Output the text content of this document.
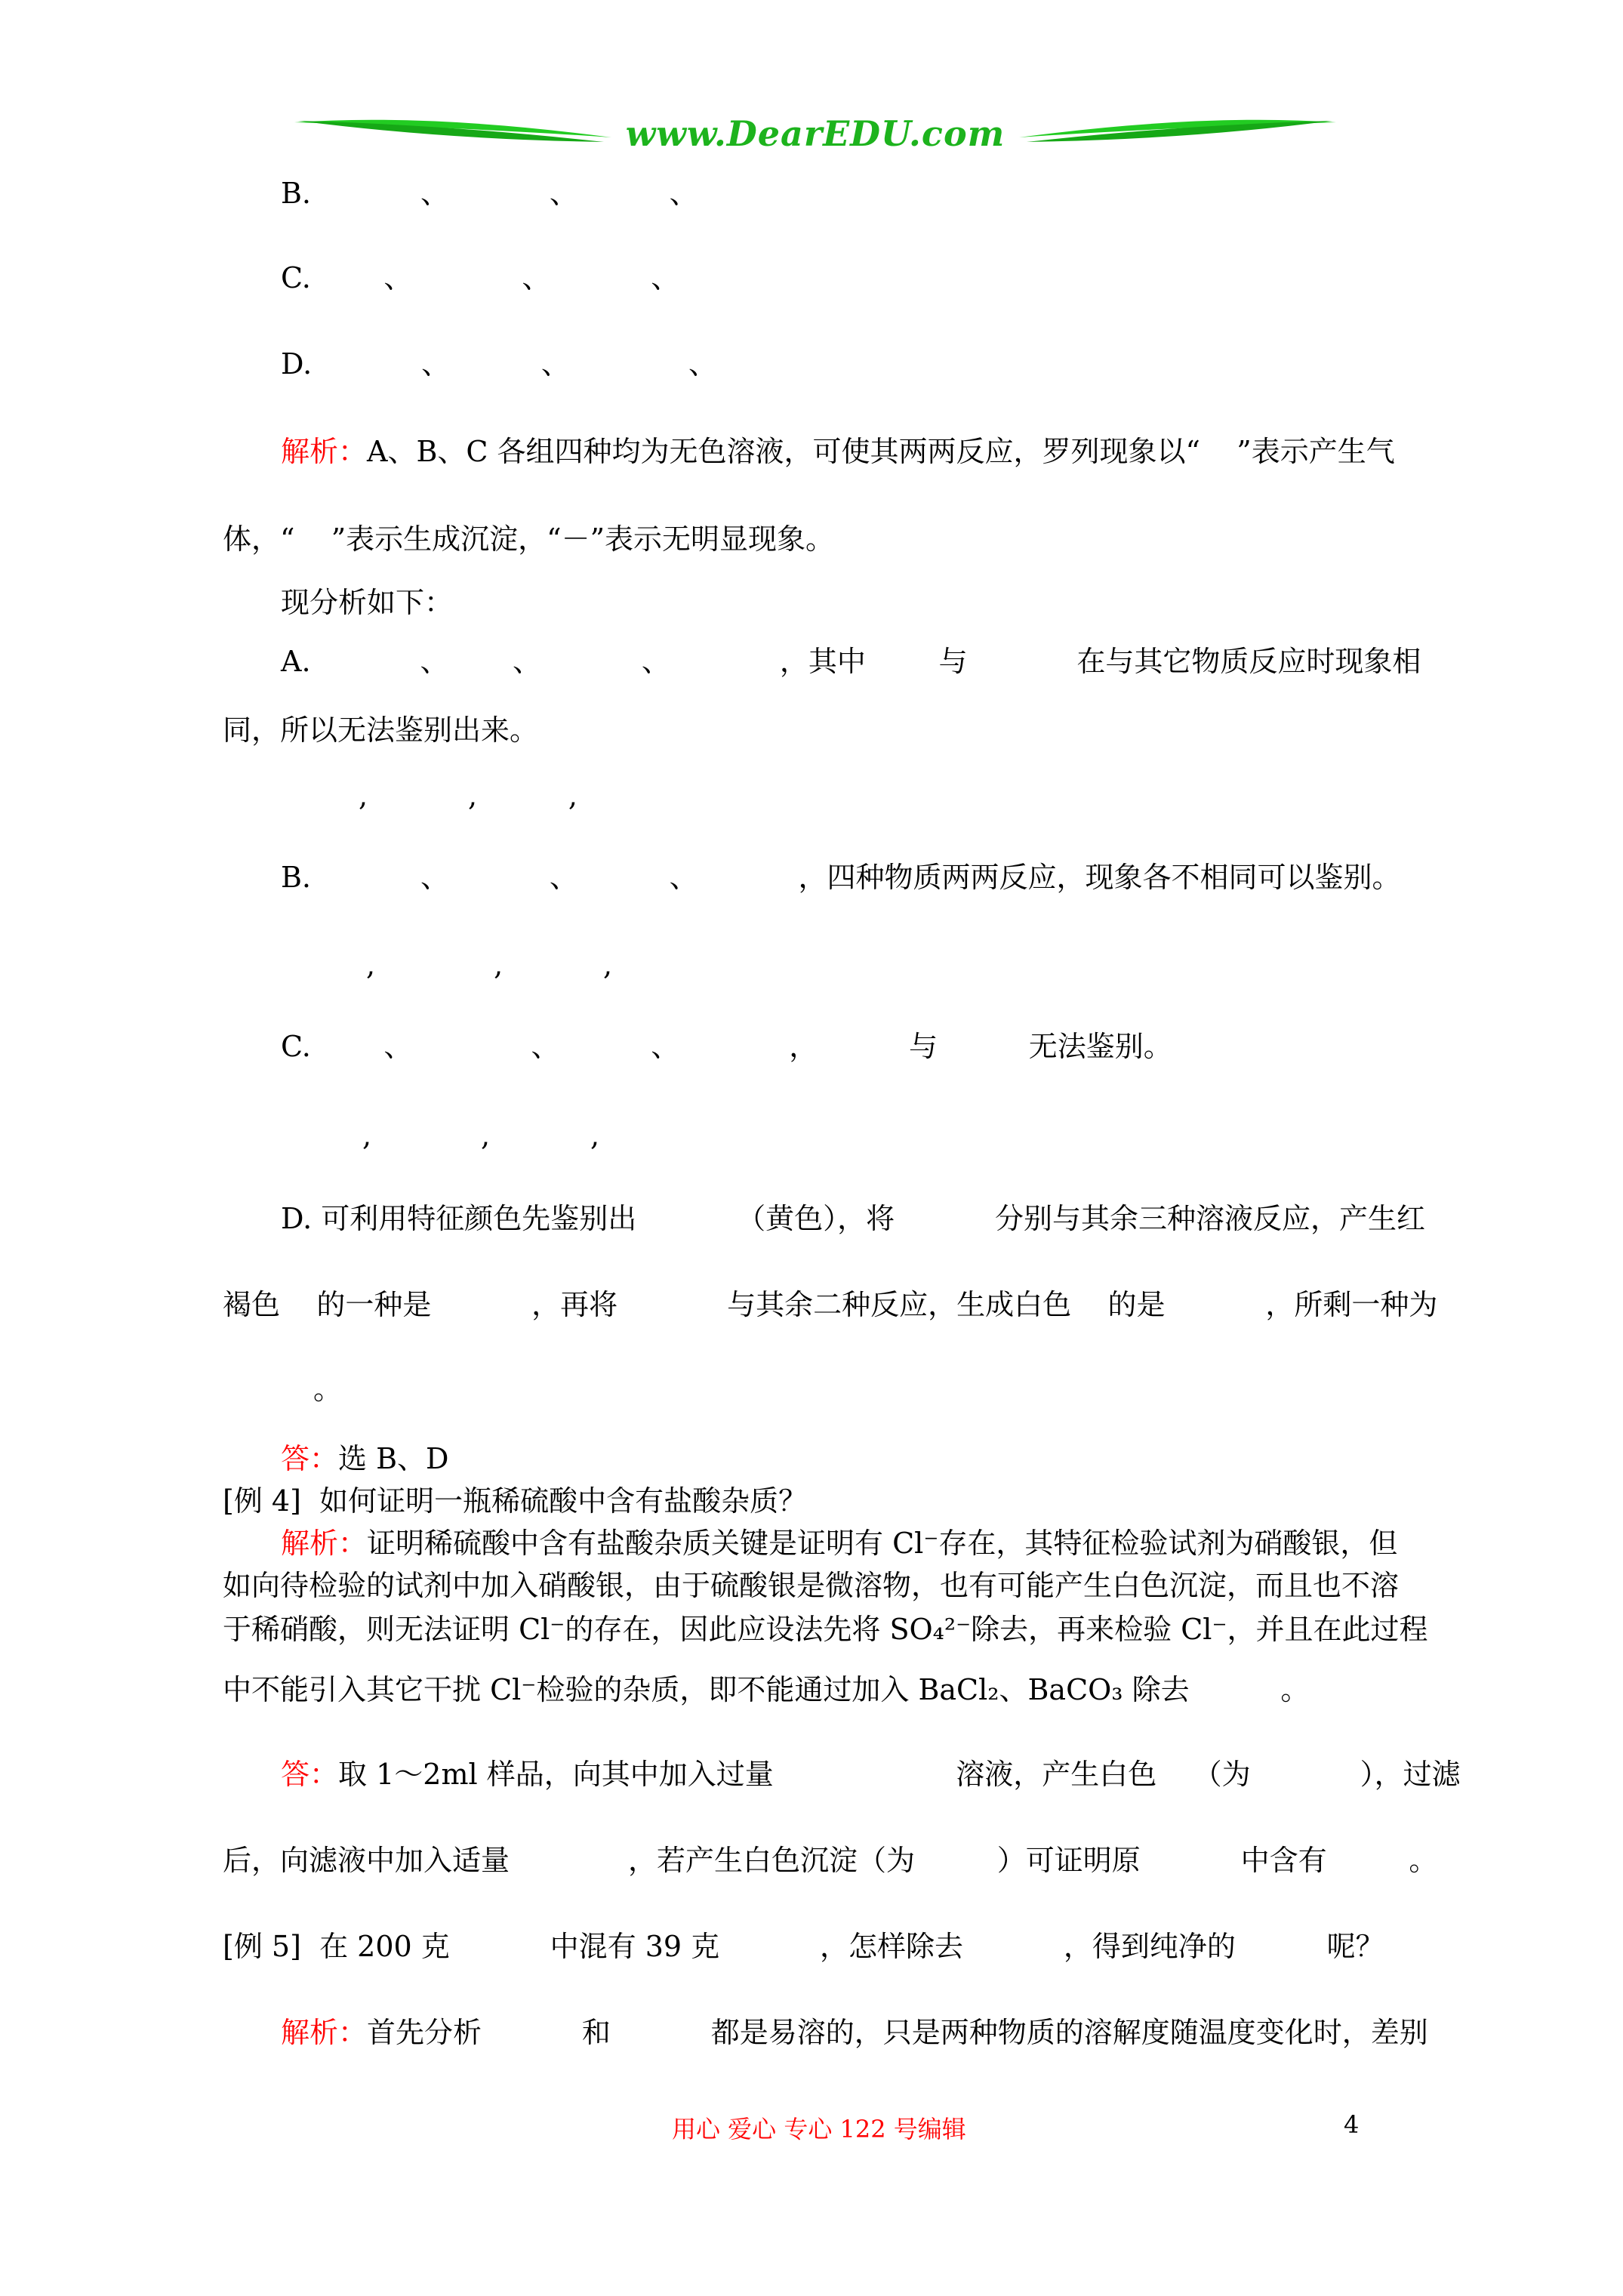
www.DearEDU.com
B.            、           、          、
C.        、            、           、
D.            、          、             、
解析：A、B、C 各组四种均为无色溶液，可使其两两反应，罗列现象以“    ”表示产生气
体，“    ”表示生成沉淀，“－”表示无明显现象。
现分析如下：
A.            、       、           、            ，其中        与            在与其它物质反应时现象相
同，所以无法鉴别出来。
,           ,          ,
B.            、           、          、           ，四种物质两两反应，现象各不相同可以鉴别。
,             ,           ,
C.        、             、          、            ，          与          无法鉴别。
,            ,           ,
D. 可利用特征颜色先鉴别出           （黄色），将           分别与其余三种溶液反应，产生红
褐色    的一种是           ，再将            与其余二种反应，生成白色    的是           ，所剩一种为
。
答：选 B、D
[例 4]  如何证明一瓶稀硫酸中含有盐酸杂质？
解析：证明稀硫酸中含有盐酸杂质关键是证明有 Cl⁻存在，其特征检验试剂为硝酸银，但
如向待检验的试剂中加入硝酸银，由于硫酸银是微溶物，也有可能产生白色沉淀，而且也不溶
于稀硝酸，则无法证明 Cl⁻的存在，因此应设法先将 SO₄²⁻除去，再来检验 Cl⁻，并且在此过程
中不能引入其它干扰 Cl⁻检验的杂质，即不能通过加入 BaCl₂、BaCO₃ 除去          。
答：取 1～2ml 样品，向其中加入过量                    溶液，产生白色    （为            ），过滤
后，向滤液中加入适量             ，若产生白色沉淀（为         ）可证明原           中含有         。
[例 5]  在 200 克           中混有 39 克           ，怎样除去           ，得到纯净的          呢？
解析：首先分析           和           都是易溶的，只是两种物质的溶解度随温度变化时，差别
用心 爱心 专心 122 号编辑	4
